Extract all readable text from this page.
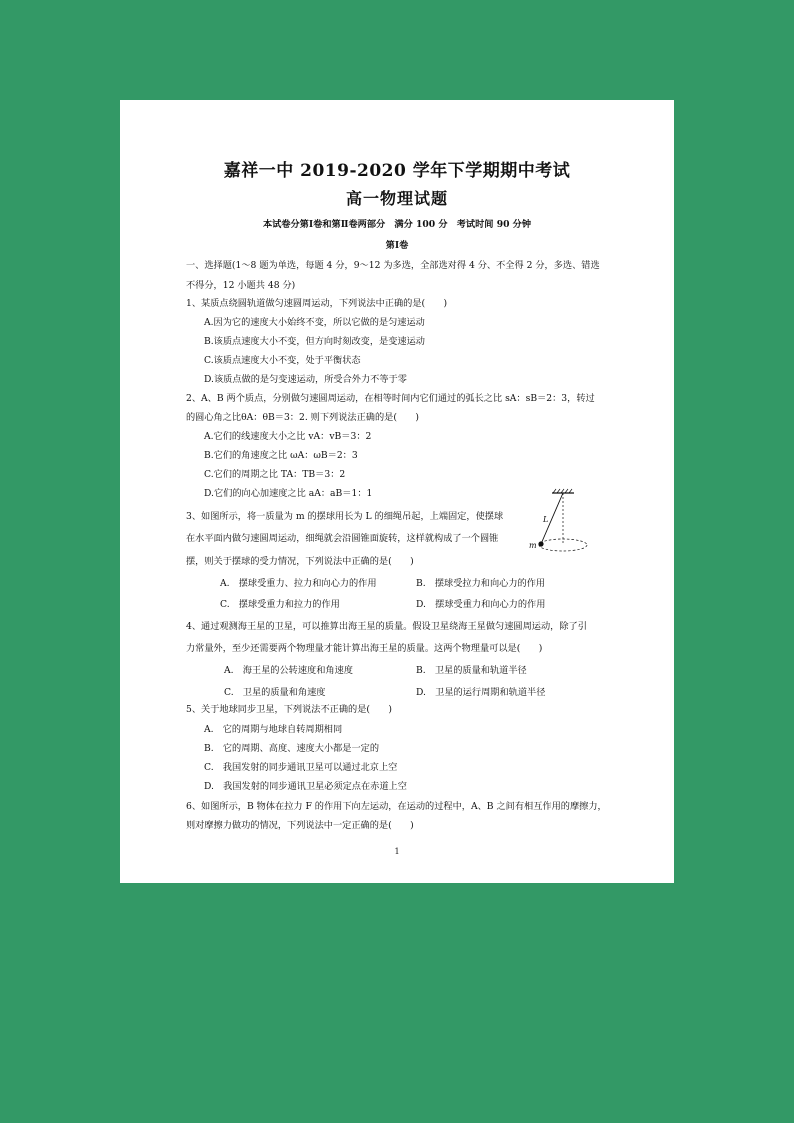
嘉祥一中 2019-2020 学年下学期期中考试
高一物理试题
本试卷分第Ⅰ卷和第Ⅱ卷两部分　满分 100 分　考试时间 90 分钟
第Ⅰ卷
一、选择题(1～8 题为单选，每题 4 分，9～12 为多选，全部选对得 4 分、不全得 2 分，多选、错选
不得分，12 小题共 48 分)
1、某质点绕圆轨道做匀速圆周运动，下列说法中正确的是(　　)
A.因为它的速度大小始终不变，所以它做的是匀速运动
B.该质点速度大小不变，但方向时刻改变，是变速运动
C.该质点速度大小不变，处于平衡状态
D.该质点做的是匀变速运动，所受合外力不等于零
2、A、B 两个质点，分别做匀速圆周运动，在相等时间内它们通过的弧长之比 sA：sB＝2：3，转过
的圆心角之比θA：θB＝3：2. 则下列说法正确的是(　　)
A.它们的线速度大小之比 vA：vB＝3：2
B.它们的角速度之比 ωA：ωB＝2：3
C.它们的周期之比 TA：TB＝3：2
D.它们的向心加速度之比 aA：aB＝1：1
3、如图所示，将一质量为 m 的摆球用长为 L 的细绳吊起，上端固定，使摆球
在水平面内做匀速圆周运动，细绳就会沿圆锥面旋转，这样就构成了一个圆锥
摆，则关于摆球的受力情况，下列说法中正确的是(　　)
L
m
A.　摆球受重力、拉力和向心力的作用	B.　摆球受拉力和向心力的作用
C.　摆球受重力和拉力的作用	D.　摆球受重力和向心力的作用
4、通过观测海王星的卫星，可以推算出海王星的质量。假设卫星绕海王星做匀速圆周运动，除了引
力常量外，至少还需要两个物理量才能计算出海王星的质量。这两个物理量可以是(　　)
A.　海王星的公转速度和角速度	B.　卫星的质量和轨道半径
C.　卫星的质量和角速度	D.　卫星的运行周期和轨道半径
5、关于地球同步卫星，下列说法不正确的是(　　)
A.　它的周期与地球自转周期相同
B.　它的周期、高度、速度大小都是一定的
C.　我国发射的同步通讯卫星可以通过北京上空
D.　我国发射的同步通讯卫星必须定点在赤道上空
6、如图所示，B 物体在拉力 F 的作用下向左运动，在运动的过程中，A、B 之间有相互作用的摩擦力，
则对摩擦力做功的情况，下列说法中一定正确的是(　　)
1
